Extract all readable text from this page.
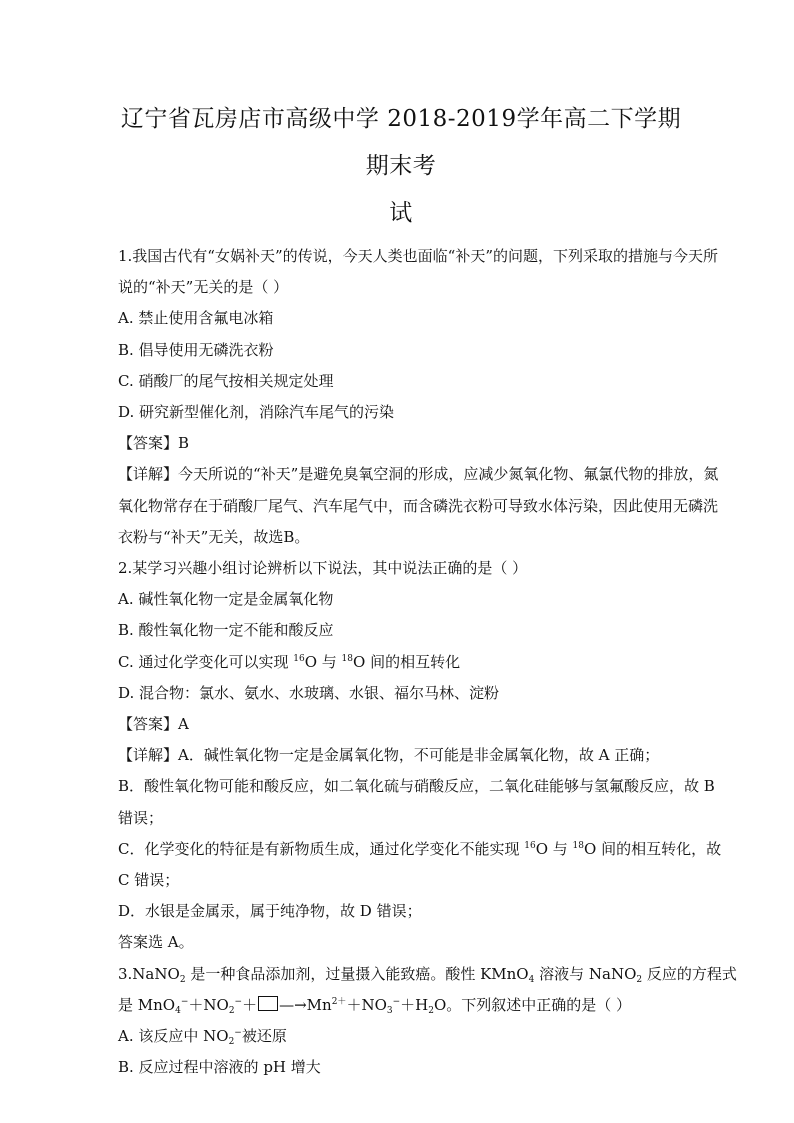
辽宁省瓦房店市高级中学 2018-2019学年高二下学期期末考
试
1.我国古代有“女娲补天”的传说，今天人类也面临“补天”的问题，下列采取的措施与今天所
说的“补天”无关的是（ ）
A. 禁止使用含氟电冰箱
B. 倡导使用无磷洗衣粉
C. 硝酸厂的尾气按相关规定处理
D. 研究新型催化剂，消除汽车尾气的污染
【答案】B
【详解】今天所说的“补天”是避免臭氧空洞的形成，应减少氮氧化物、氟氯代物的排放，氮
氧化物常存在于硝酸厂尾气、汽车尾气中，而含磷洗衣粉可导致水体污染，因此使用无磷洗
衣粉与“补天”无关，故选B。
2.某学习兴趣小组讨论辨析以下说法，其中说法正确的是（ ）
A. 碱性氧化物一定是金属氧化物
B. 酸性氧化物一定不能和酸反应
C. 通过化学变化可以实现 $^{16}$O 与 $^{18}$O 间的相互转化
D. 混合物：氯水、氨水、水玻璃、水银、福尔马林、淀粉
【答案】A
【详解】A．碱性氧化物一定是金属氧化物，不可能是非金属氧化物，故 A 正确；
B．酸性氧化物可能和酸反应，如二氧化硫与硝酸反应，二氧化硅能够与氢氟酸反应，故 B
错误；
C．化学变化的特征是有新物质生成，通过化学变化不能实现 $^{16}$O 与 $^{18}$O 间的相互转化，故
C 错误；
D．水银是金属汞，属于纯净物，故 D 错误；
答案选 A。
3.NaNO$_2$ 是一种食品添加剂，过量摄入能致癌。酸性 KMnO$_4$ 溶液与 NaNO$_2$ 反应的方程式
是 $MnO_4^-+NO_2^-+$ $—\to Mn^{2+}+NO_3^-+H_2O$。下列叙述中正确的是（ ）
A. 该反应中 $NO_2^-$被还原
B. 反应过程中溶液的 pH 增大
